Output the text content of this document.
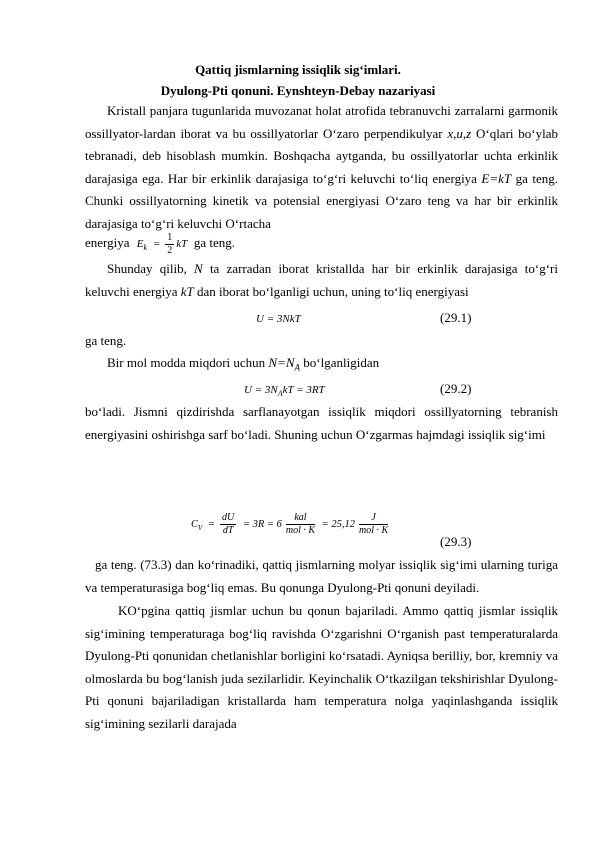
Qattiq jismlarning issiqlik sig‘imlari.
Dyulong-Pti qonuni. Eynshteyn-Debay nazariyasi
Kristall panjara tugunlarida muvozanat holat atrofida tebranuvchi zarralarni garmonik ossillyator-lardan iborat va bu ossillyatorlar O‘zaro perpendikulyar x,u,z O‘qlari bo‘ylab tebranadi, deb hisoblash mumkin. Boshqacha aytganda, bu ossillyatorlar uchta erkinlik darajasiga ega. Har bir erkinlik darajasiga to‘g‘ri keluvchi to‘liq energiya E=kT ga teng. Chunki ossillyatorning kinetik va potensial energiyasi O‘zaro teng va har bir erkinlik darajasiga to‘g‘ri keluvchi O‘rtacha
energiya $E_k = \frac{1}{2}$ kT ga teng.
Shunday qilib, N ta zarradan iborat kristallda har bir erkinlik darajasiga to‘g‘ri keluvchi energiya kT dan iborat bo‘lganligi uchun, uning to‘liq energiyasi
U = 3NkT	(29.1)
ga teng.
Bir mol modda miqdori uchun $N=N_A$ bo‘lganligidan
$U = 3N_AkT = 3RT$	(29.2)
bo‘ladi. Jismni qizdirishda sarflanayotgan issiqlik miqdori ossillyatorning tebranish energiyasini oshirishga sarf bo‘ladi. Shuning uchun O‘zgarmas hajmdagi issiqlik sig‘imi
$C_V = \frac{dU}{dT} = 3R = 6 \frac{\text{kal}}{\text{mol · K}} = 25,12 \frac{J}{\text{mol · K}}$
(29.3)
ga teng. (73.3) dan ko‘rinadiki, qattiq jismlarning molyar issiqlik sig‘imi ularning turiga va temperaturasiga bog‘liq emas. Bu qonunga Dyulong-Pti qonuni deyiladi.
KO‘pgina qattiq jismlar uchun bu qonun bajariladi. Ammo qattiq jismlar issiqlik sig‘imining temperaturaga bog‘liq ravishda O‘zgarishni O‘rganish past temperaturalarda Dyulong-Pti qonunidan chetlanishlar borligini ko‘rsatadi. Ayniqsa berilliy, bor, kremniy va olmoslarda bu bog‘lanish juda sezilarlidir. Keyinchalik O‘tkazilgan tekshirishlar Dyulong-Pti qonuni bajariladigan kristallarda ham temperatura nolga yaqinlashganda issiqlik sig‘imining sezilarli darajada
